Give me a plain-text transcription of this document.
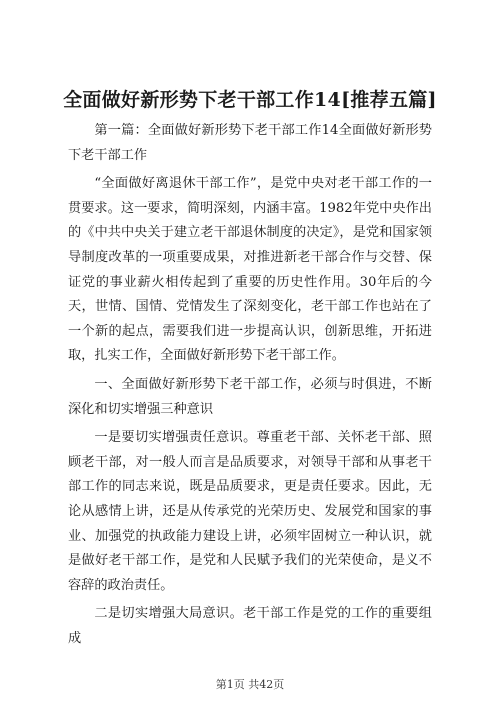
全面做好新形势下老干部工作14[推荐五篇]

第一篇：全面做好新形势下老干部工作14全面做好新形势下老干部工作

“全面做好离退休干部工作”，是党中央对老干部工作的一贯要求。这一要求，简明深刻，内涵丰富。1982年党中央作出的《中共中央关于建立老干部退休制度的决定》，是党和国家领导制度改革的一项重要成果，对推进新老干部合作与交替、保证党的事业薪火相传起到了重要的历史性作用。30年后的今天，世情、国情、党情发生了深刻变化，老干部工作也站在了一个新的起点，需要我们进一步提高认识，创新思维，开拓进取，扎实工作，全面做好新形势下老干部工作。

一、全面做好新形势下老干部工作，必须与时俱进，不断深化和切实增强三种意识

一是要切实增强责任意识。尊重老干部、关怀老干部、照顾老干部，对一般人而言是品质要求，对领导干部和从事老干部工作的同志来说，既是品质要求，更是责任要求。因此，无论从感情上讲，还是从传承党的光荣历史、发展党和国家的事业、加强党的执政能力建设上讲，必须牢固树立一种认识，就是做好老干部工作，是党和人民赋予我们的光荣使命，是义不容辞的政治责任。

二是切实增强大局意识。老干部工作是党的工作的重要组成

第1页 共42页
